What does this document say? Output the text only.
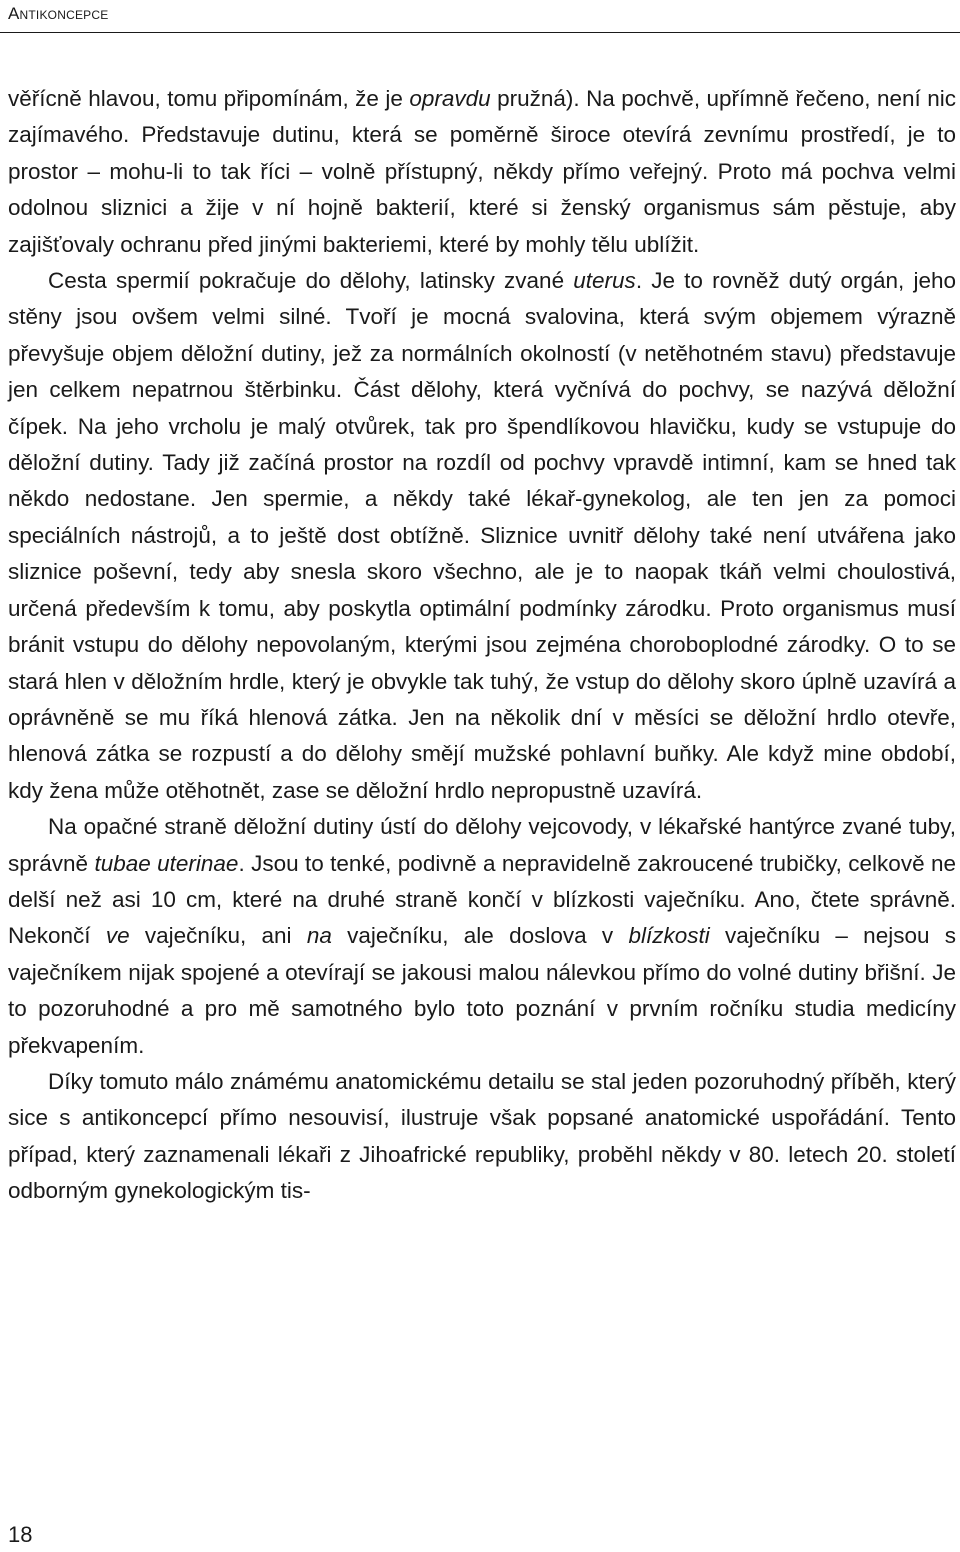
Antikoncepce

věřícně hlavou, tomu připomínám, že je opravdu pružná). Na pochvě, upřímně řečeno, není nic zajímavého. Představuje dutinu, která se poměrně široce otevírá zevnímu prostředí, je to prostor – mohu-li to tak říci – volně přístupný, někdy přímo veřejný. Proto má pochva velmi odolnou sliznici a žije v ní hojně bakterií, které si ženský organismus sám pěstuje, aby zajišťovaly ochranu před jinými bakteriemi, které by mohly tělu ublížit.

Cesta spermií pokračuje do dělohy, latinsky zvané uterus. Je to rovněž dutý orgán, jeho stěny jsou ovšem velmi silné. Tvoří je mocná svalovina, která svým objemem výrazně převyšuje objem děložní dutiny, jež za normálních okolností (v netěhotném stavu) představuje jen celkem nepatrnou štěrbinku. Část dělohy, která vyčnívá do pochvy, se nazývá děložní čípek. Na jeho vrcholu je malý otvůrek, tak pro špendlíkovou hlavičku, kudy se vstupuje do děložní dutiny. Tady již začíná prostor na rozdíl od pochvy vpravdě intimní, kam se hned tak někdo nedostane. Jen spermie, a někdy také lékař-gynekolog, ale ten jen za pomoci speciálních nástrojů, a to ještě dost obtížně. Sliznice uvnitř dělohy také není utvářena jako sliznice poševní, tedy aby snesla skoro všechno, ale je to naopak tkáň velmi choulostivá, určená především k tomu, aby poskytla optimální podmínky zárodku. Proto organismus musí bránit vstupu do dělohy nepovolaným, kterými jsou zejména choroboplodné zárodky. O to se stará hlen v děložním hrdle, který je obvykle tak tuhý, že vstup do dělohy skoro úplně uzavírá a oprávněně se mu říká hlenová zátka. Jen na několik dní v měsíci se děložní hrdlo otevře, hlenová zátka se rozpustí a do dělohy smějí mužské pohlavní buňky. Ale když mine období, kdy žena může otěhotnět, zase se děložní hrdlo nepropustně uzavírá.

Na opačné straně děložní dutiny ústí do dělohy vejcovody, v lékařské hantýrce zvané tuby, správně tubae uterinae. Jsou to tenké, podivně a nepravidelně zakroucené trubičky, celkově ne delší než asi 10 cm, které na druhé straně končí v blízkosti vaječníku. Ano, čtete správně. Nekončí ve vaječníku, ani na vaječníku, ale doslova v blízkosti vaječníku – nejsou s vaječníkem nijak spojené a otevírají se jakousi malou nálevkou přímo do volné dutiny břišní. Je to pozoruhodné a pro mě samotného bylo toto poznání v prvním ročníku studia medicíny překvapením.

Díky tomuto málo známému anatomickému detailu se stal jeden pozoruhodný příběh, který sice s antikoncepcí přímo nesouvisí, ilustruje však popsané anatomické uspořádání. Tento případ, který zaznamenali lékaři z Jihoafrické republiky, proběhl někdy v 80. letech 20. století odborným gynekologickým tis-

18
